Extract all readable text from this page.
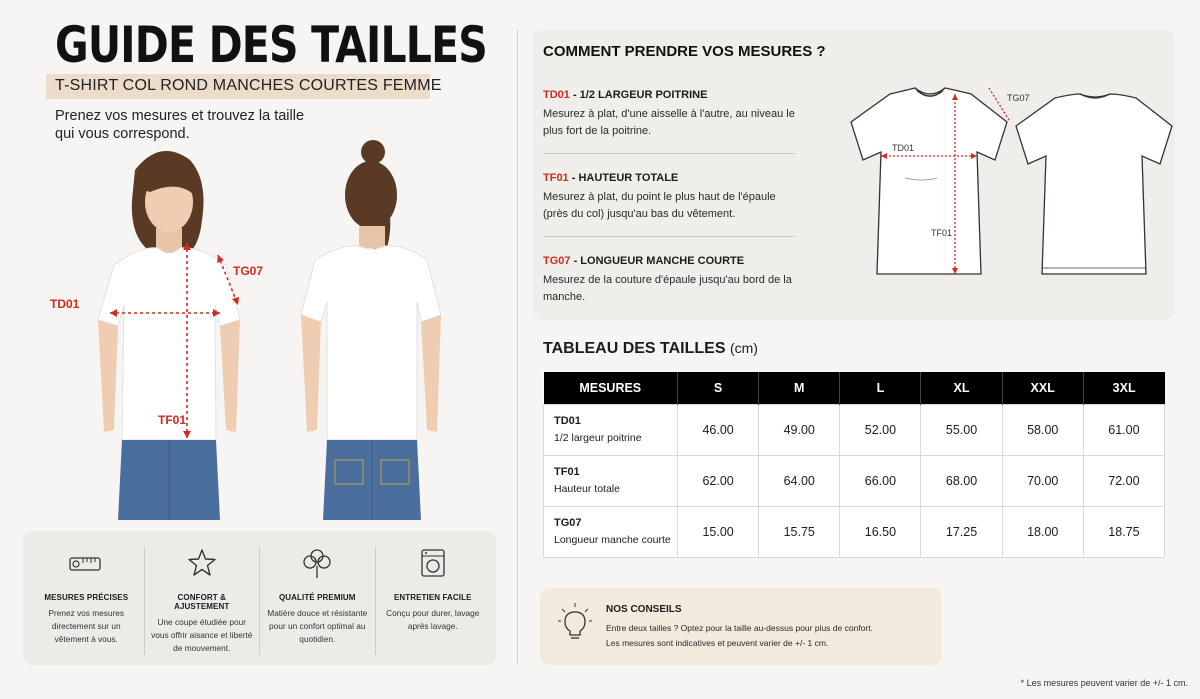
GUIDE DES TAILLES
T-SHIRT COL ROND MANCHES COURTES FEMME
Prenez vos mesures et trouvez la taille qui vous correspond.
TD01
TG07
TF01
MESURES PRÉCISES
Prenez vos mesures directement sur un vêtement à vous.
CONFORT & AJUSTEMENT
Une coupe étudiée pour vous offrir aisance et liberté de mouvement.
QUALITÉ PREMIUM
Matière douce et résistante pour un confort optimal au quotidien.
ENTRETIEN FACILE
Conçu pour durer, lavage après lavage.
COMMENT PRENDRE VOS MESURES ?
TD01 - 1/2 LARGEUR POITRINE
Mesurez à plat, d'une aisselle à l'autre, au niveau le plus fort de la poitrine.
TF01 - HAUTEUR TOTALE
Mesurez à plat, du point le plus haut de l'épaule (près du col) jusqu'au bas du vêtement.
TG07 - LONGUEUR MANCHE COURTE
Mesurez de la couture d'épaule jusqu'au bord de la manche.
TG07
TD01
TF01
TABLEAU DES TAILLES (cm)
MESURES	S	M	L	XL	XXL	3XL

TD01
1/2 largeur poitrine	46.00	49.00	52.00	55.00	58.00	61.00

TF01
Hauteur totale	62.00	64.00	66.00	68.00	70.00	72.00

TG07
Longueur manche courte	15.00	15.75	16.50	17.25	18.00	18.75
NOS CONSEILS
Entre deux tailles ? Optez pour la taille au-dessus pour plus de confort.
Les mesures sont indicatives et peuvent varier de +/- 1 cm.
* Les mesures peuvent varier de +/- 1 cm.
